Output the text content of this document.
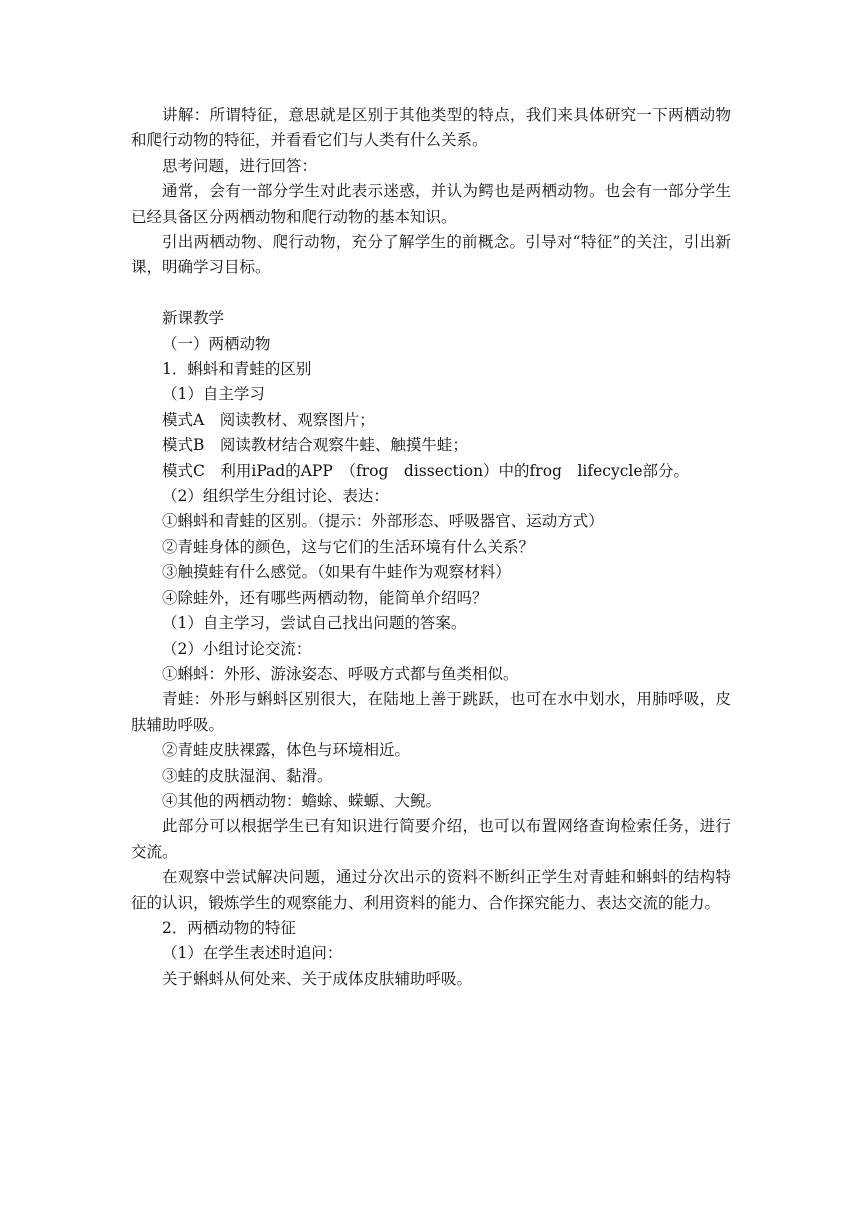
讲解：所谓特征，意思就是区别于其他类型的特点，我们来具体研究一下两栖动物和爬行动物的特征，并看看它们与人类有什么关系。

思考问题，进行回答：

通常，会有一部分学生对此表示迷惑，并认为鳄也是两栖动物。也会有一部分学生已经具备区分两栖动物和爬行动物的基本知识。

引出两栖动物、爬行动物，充分了解学生的前概念。引导对“特征”的关注，引出新课，明确学习目标。

新课教学

（一）两栖动物

1．蝌蚪和青蛙的区别

（1）自主学习

模式A　阅读教材、观察图片；

模式B　阅读教材结合观察牛蛙、触摸牛蛙；

模式C　利用iPad的APP　（frog　dissection）中的frog　lifecycle部分。

（2）组织学生分组讨论、表达：

①蝌蚪和青蛙的区别。（提示：外部形态、呼吸器官、运动方式）

②青蛙身体的颜色，这与它们的生活环境有什么关系？

③触摸蛙有什么感觉。（如果有牛蛙作为观察材料）

④除蛙外，还有哪些两栖动物，能简单介绍吗？

（1）自主学习，尝试自己找出问题的答案。

（2）小组讨论交流：

①蝌蚪：外形、游泳姿态、呼吸方式都与鱼类相似。

青蛙：外形与蝌蚪区别很大，在陆地上善于跳跃，也可在水中划水，用肺呼吸，皮肤辅助呼吸。

②青蛙皮肤裸露，体色与环境相近。

③蛙的皮肤湿润、黏滑。

④其他的两栖动物：蟾蜍、蝾螈、大鲵。

此部分可以根据学生已有知识进行简要介绍，也可以布置网络查询检索任务，进行交流。

在观察中尝试解决问题，通过分次出示的资料不断纠正学生对青蛙和蝌蚪的结构特征的认识，锻炼学生的观察能力、利用资料的能力、合作探究能力、表达交流的能力。

2．两栖动物的特征

（1）在学生表述时追问：

关于蝌蚪从何处来、关于成体皮肤辅助呼吸。
